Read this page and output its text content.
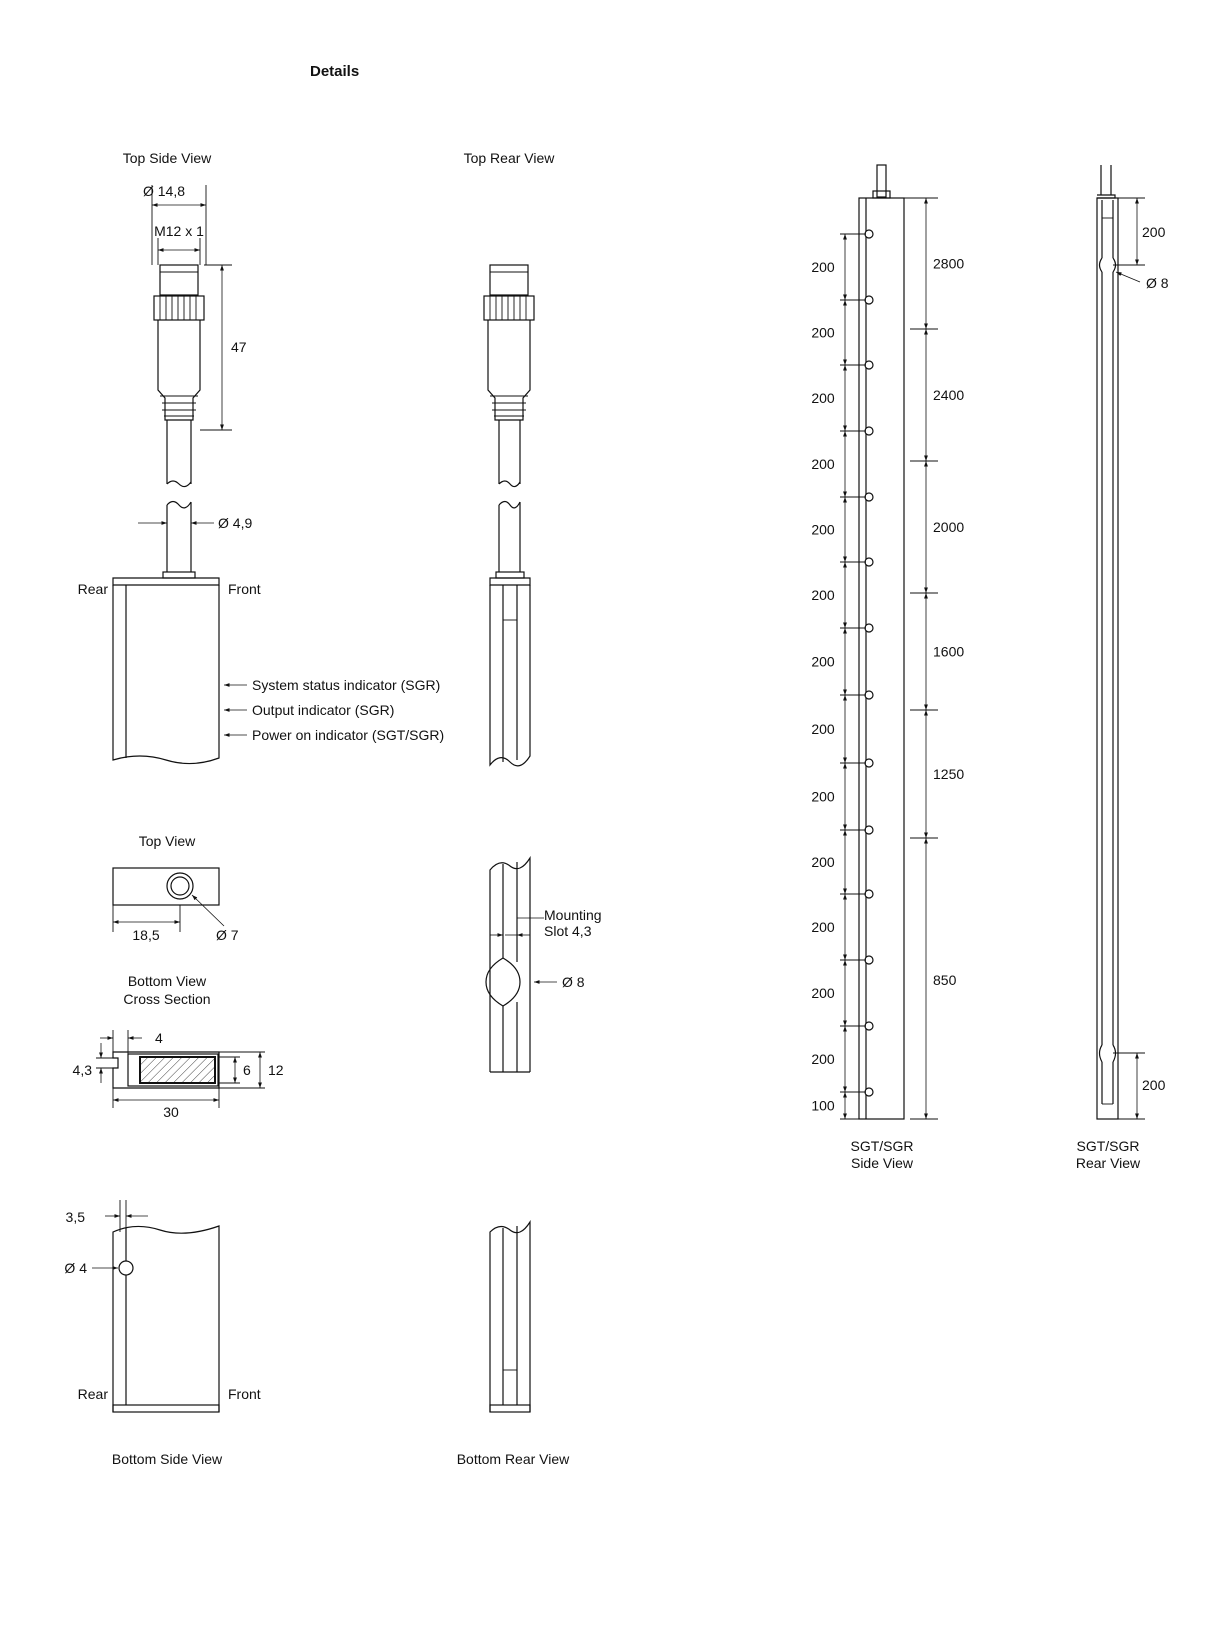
Details
Top Side View	Top Rear View
Ø 14,8
M12 x 1
47
Ø 4,9
Rear	Front
System status indicator (SGR)
Output indicator (SGR)
Power on indicator (SGT/SGR)
Top View
18,5	Ø 7
Bottom View
Cross Section
4
4,3	6 12
30
3,5
Ø 4
Rear	Front
Bottom Side View
Mounting
Slot 4,3
Ø 8
Bottom Rear View
200
200
200
200
200
200
200
200
200
200
200
200
200
100
2800
2400
2000
1600
1250
850
SGT/SGR
Side View
200
Ø 8
200
SGT/SGR
Rear View
